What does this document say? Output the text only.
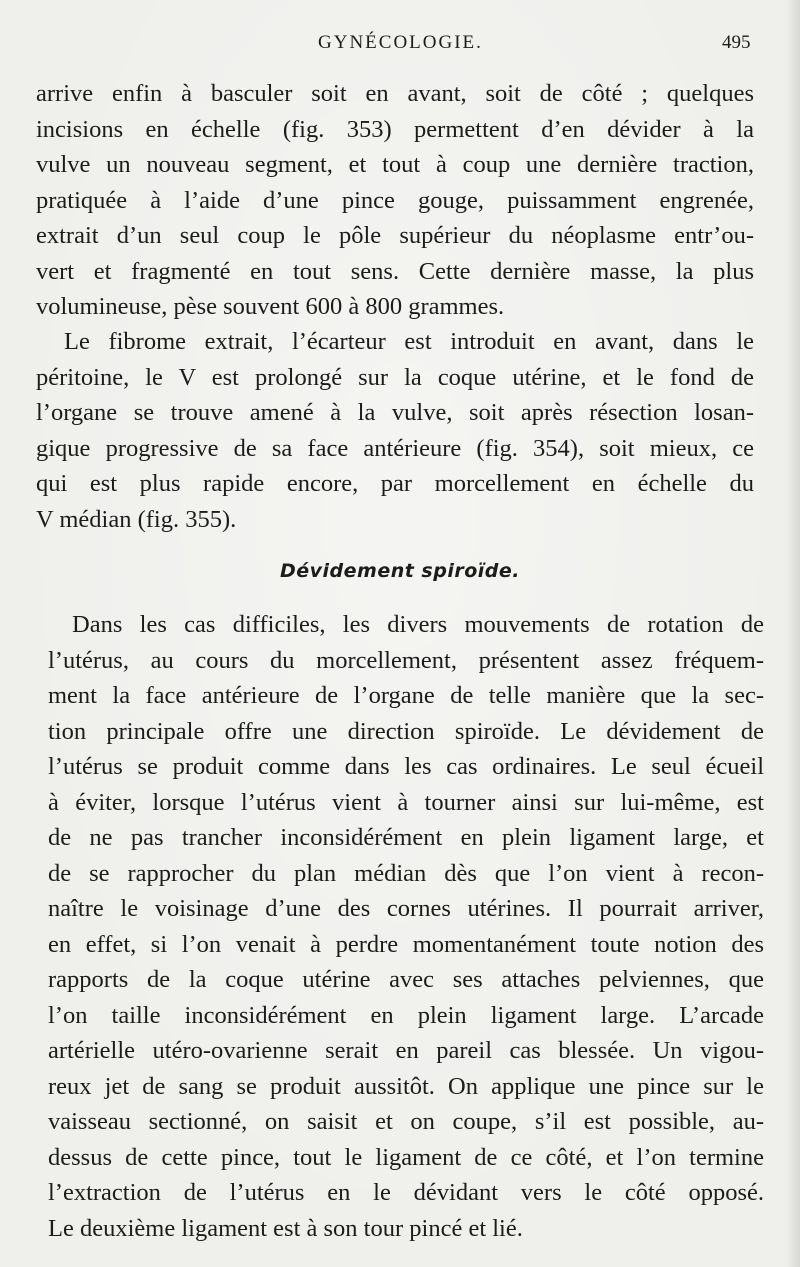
GYNÉCOLOGIE.	495
arrive enfin à basculer soit en avant, soit de côté ; quelques
incisions en échelle (fig. 353) permettent d’en dévider à la
vulve un nouveau segment, et tout à coup une dernière traction,
pratiquée à l’aide d’une pince gouge, puissamment engrenée,
extrait d’un seul coup le pôle supérieur du néoplasme entr’ou-
vert et fragmenté en tout sens. Cette dernière masse, la plus
volumineuse, pèse souvent 600 à 800 grammes.
Le fibrome extrait, l’écarteur est introduit en avant, dans le
péritoine, le V est prolongé sur la coque utérine, et le fond de
l’organe se trouve amené à la vulve, soit après résection losan-
gique progressive de sa face antérieure (fig. 354), soit mieux, ce
qui est plus rapide encore, par morcellement en échelle du
V médian (fig. 355).
Dévidement spiroïde.
Dans les cas difficiles, les divers mouvements de rotation de
l’utérus, au cours du morcellement, présentent assez fréquem-
ment la face antérieure de l’organe de telle manière que la sec-
tion principale offre une direction spiroïde. Le dévidement de
l’utérus se produit comme dans les cas ordinaires. Le seul écueil
à éviter, lorsque l’utérus vient à tourner ainsi sur lui-même, est
de ne pas trancher inconsidérément en plein ligament large, et
de se rapprocher du plan médian dès que l’on vient à recon-
naître le voisinage d’une des cornes utérines. Il pourrait arriver,
en effet, si l’on venait à perdre momentanément toute notion des
rapports de la coque utérine avec ses attaches pelviennes, que
l’on taille inconsidérément en plein ligament large. L’arcade
artérielle utéro-ovarienne serait en pareil cas blessée. Un vigou-
reux jet de sang se produit aussitôt. On applique une pince sur le
vaisseau sectionné, on saisit et on coupe, s’il est possible, au-
dessus de cette pince, tout le ligament de ce côté, et l’on termine
l’extraction de l’utérus en le dévidant vers le côté opposé.
Le deuxième ligament est à son tour pincé et lié.
